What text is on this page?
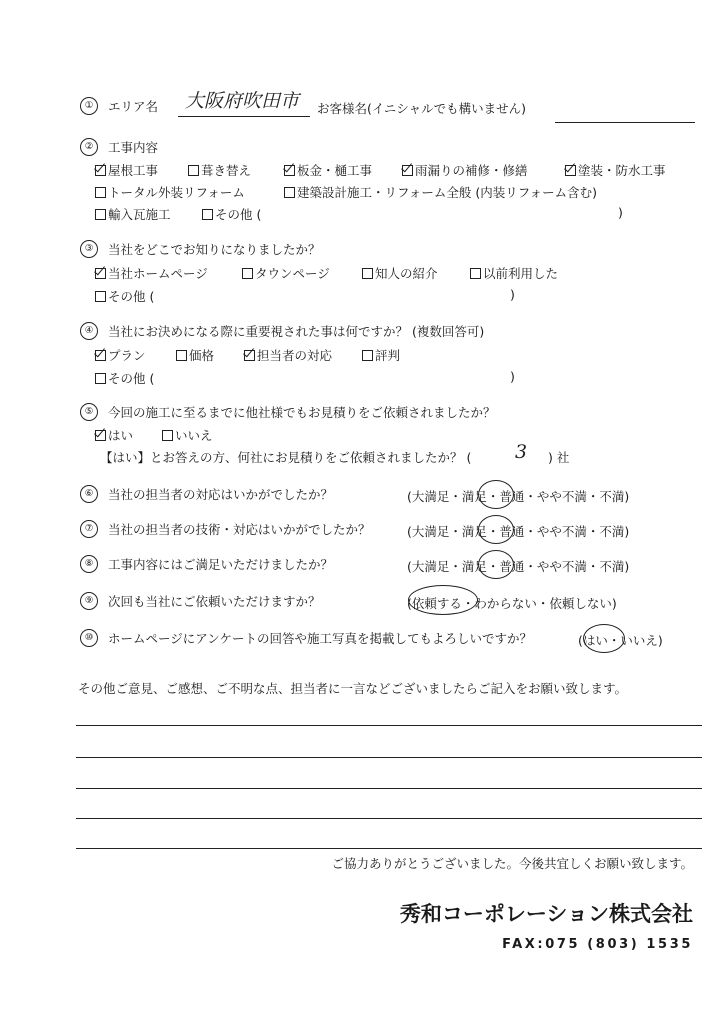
①	エリア名 大阪府吹田市 お客様名(イニシャルでも構いません)
②	工事内容
屋根工事	葺き替え	板金・樋工事	雨漏りの補修・修繕	塗装・防水工事
トータル外装リフォーム	建築設計施工・リフォーム全般 (内装リフォーム含む)
輸入瓦施工	その他 (	)
③	当社をどこでお知りになりましたか？
当社ホームページ	タウンページ	知人の紹介	以前利用した
その他 (	)
④	当社にお決めになる際に重要視された事は何ですか？ (複数回答可)
プラン	価格	担当者の対応	評判
その他 (	)
⑤	今回の施工に至るまでに他社様でもお見積りをご依頼されましたか？
はい	いいえ
【はい】とお答えの方、何社にお見積りをご依頼されましたか？ ( 3 ) 社
⑥	当社の担当者の対応はいかがでしたか？	(大満足・満足・普通・やや不満・不満)
⑦	当社の担当者の技術・対応はいかがでしたか？	(大満足・満足・普通・やや不満・不満)
⑧	工事内容にはご満足いただけましたか？	(大満足・満足・普通・やや不満・不満)
⑨	次回も当社にご依頼いただけますか？	(依頼する・わからない・依頼しない)
⑩	ホームページにアンケートの回答や施工写真を掲載してもよろしいですか？	(はい・いいえ)
その他ご意見、ご感想、ご不明な点、担当者に一言などございましたらご記入をお願い致します。
ご協力ありがとうございました。今後共宜しくお願い致します。
秀和コーポレーション株式会社
FAX:075 (803) 1535
